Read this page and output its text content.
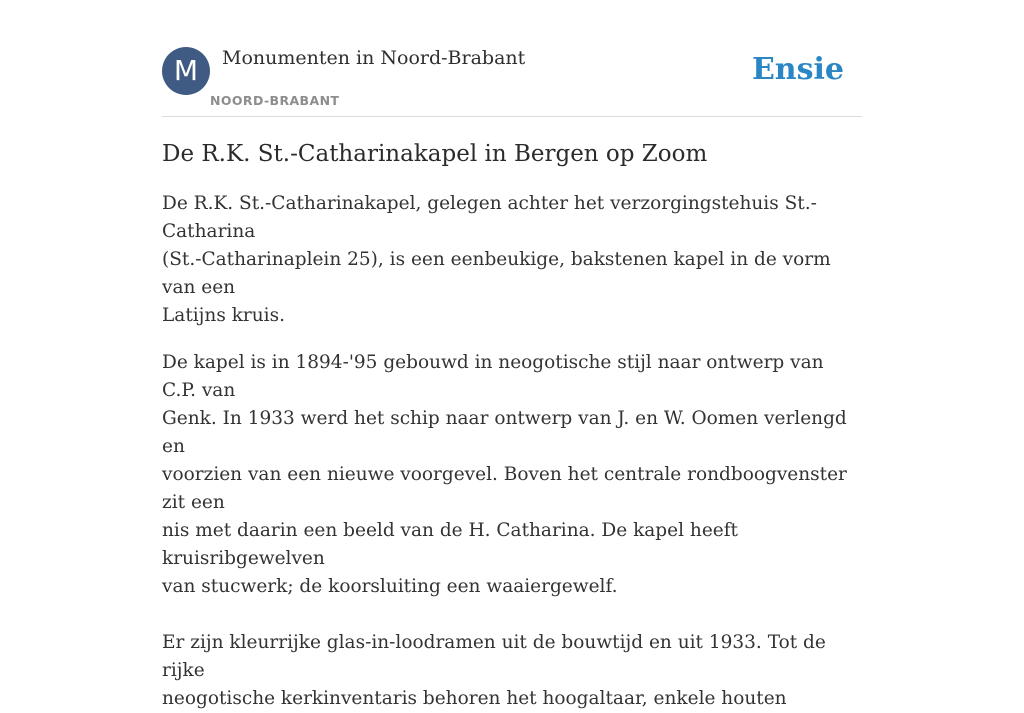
M	Monumenten in Noord-Brabant
NOORD-BRABANT
Ensie
De R.K. St.-Catharinakapel in Bergen op Zoom

De R.K. St.-Catharinakapel, gelegen achter het verzorgingstehuis St.-Catharina
(St.-Catharinaplein 25), is een eenbeukige, bakstenen kapel in de vorm van een
Latijns kruis.

De kapel is in 1894-'95 gebouwd in neogotische stijl naar ontwerp van C.P. van
Genk. In 1933 werd het schip naar ontwerp van J. en W. Oomen verlengd en
voorzien van een nieuwe voorgevel. Boven het centrale rondboogvenster zit een
nis met daarin een beeld van de H. Catharina. De kapel heeft kruisribgewelven
van stucwerk; de koorsluiting een waaiergewelf.

Er zijn kleurrijke glas-in-loodramen uit de bouwtijd en uit 1933. Tot de rijke
neogotische kerkinventaris behoren het hoogaltaar, enkele houten
